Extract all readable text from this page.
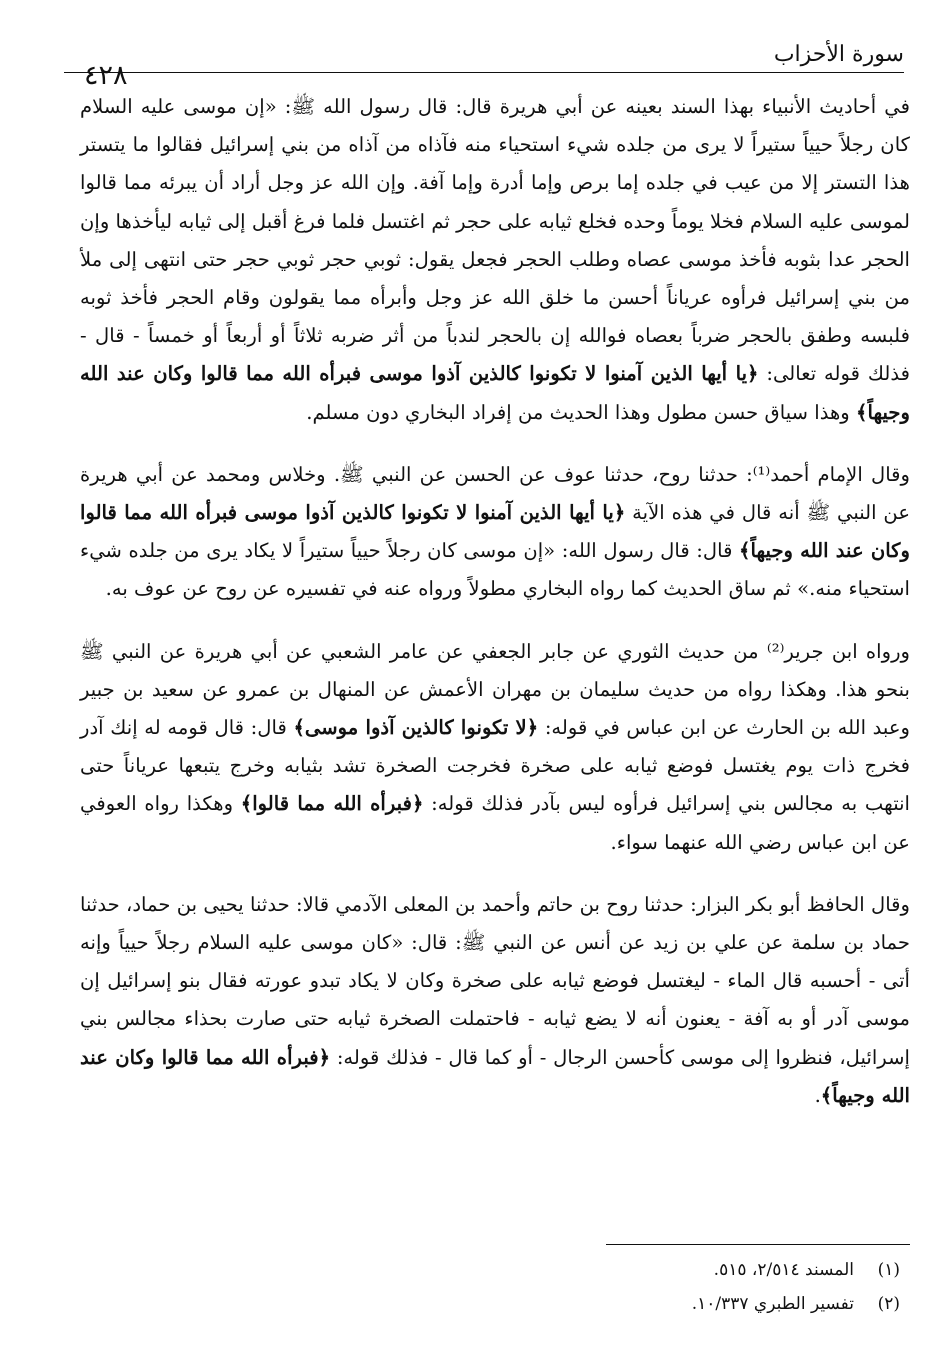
سورة الأحزاب
٤٢٨

في أحاديث الأنبياء بهذا السند بعينه عن أبي هريرة قال: قال رسول الله ﷺ: «إن موسى عليه السلام كان رجلاً حيياً ستيراً لا يرى من جلده شيء استحياء منه فآذاه من آذاه من بني إسرائيل فقالوا ما يتستر هذا التستر إلا من عيب في جلده إما برص وإما أدرة وإما آفة. وإن الله عز وجل أراد أن يبرئه مما قالوا لموسى عليه السلام فخلا يوماً وحده فخلع ثيابه على حجر ثم اغتسل فلما فرغ أقبل إلى ثيابه ليأخذها وإن الحجر عدا بثوبه فأخذ موسى عصاه وطلب الحجر فجعل يقول: ثوبي حجر ثوبي حجر حتى انتهى إلى ملأ من بني إسرائيل فرأوه عرياناً أحسن ما خلق الله عز وجل وأبرأه مما يقولون وقام الحجر فأخذ ثوبه فلبسه وطفق بالحجر ضرباً بعصاه فوالله إن بالحجر لندباً من أثر ضربه ثلاثاً أو أربعاً أو خمساً - قال - فذلك قوله تعالى: ﴿يا أيها الذين آمنوا لا تكونوا كالذين آذوا موسى فبرأه الله مما قالوا وكان عند الله وجيهاً﴾ وهذا سياق حسن مطول وهذا الحديث من إفراد البخاري دون مسلم.

وقال الإمام أحمد⁽¹⁾: حدثنا روح، حدثنا عوف عن الحسن عن النبي ﷺ. وخلاس ومحمد عن أبي هريرة عن النبي ﷺ أنه قال في هذه الآية ﴿يا أيها الذين آمنوا لا تكونوا كالذين آذوا موسى فبرأه الله مما قالوا وكان عند الله وجيهاً﴾ قال: قال رسول الله: «إن موسى كان رجلاً حيياً ستيراً لا يكاد يرى من جلده شيء استحياء منه.» ثم ساق الحديث كما رواه البخاري مطولاً ورواه عنه في تفسيره عن روح عن عوف به.

ورواه ابن جرير⁽²⁾ من حديث الثوري عن جابر الجعفي عن عامر الشعبي عن أبي هريرة عن النبي ﷺ بنحو هذا. وهكذا رواه من حديث سليمان بن مهران الأعمش عن المنهال بن عمرو عن سعيد بن جبير وعبد الله بن الحارث عن ابن عباس في قوله: ﴿لا تكونوا كالذين آذوا موسى﴾ قال: قال قومه له إنك آدر فخرج ذات يوم يغتسل فوضع ثيابه على صخرة فخرجت الصخرة تشد بثيابه وخرج يتبعها عرياناً حتى انتهب به مجالس بني إسرائيل فرأوه ليس بآدر فذلك قوله: ﴿فبرأه الله مما قالوا﴾ وهكذا رواه العوفي عن ابن عباس رضي الله عنهما سواء.

وقال الحافظ أبو بكر البزار: حدثنا روح بن حاتم وأحمد بن المعلى الآدمي قالا: حدثنا يحيى بن حماد، حدثنا حماد بن سلمة عن علي بن زيد عن أنس عن النبي ﷺ: قال: «كان موسى عليه السلام رجلاً حيياً وإنه أتى - أحسبه قال الماء - ليغتسل فوضع ثيابه على صخرة وكان لا يكاد تبدو عورته فقال بنو إسرائيل إن موسى آدر أو به آفة - يعنون أنه لا يضع ثيابه - فاحتملت الصخرة ثيابه حتى صارت بحذاء مجالس بني إسرائيل، فنظروا إلى موسى كأحسن الرجال - أو كما قال - فذلك قوله: ﴿فبرأه الله مما قالوا وكان عند الله وجيهاً﴾.

(١)المسند ٢/٥١٤، ٥١٥.
(٢)تفسير الطبري ١٠/٣٣٧.
